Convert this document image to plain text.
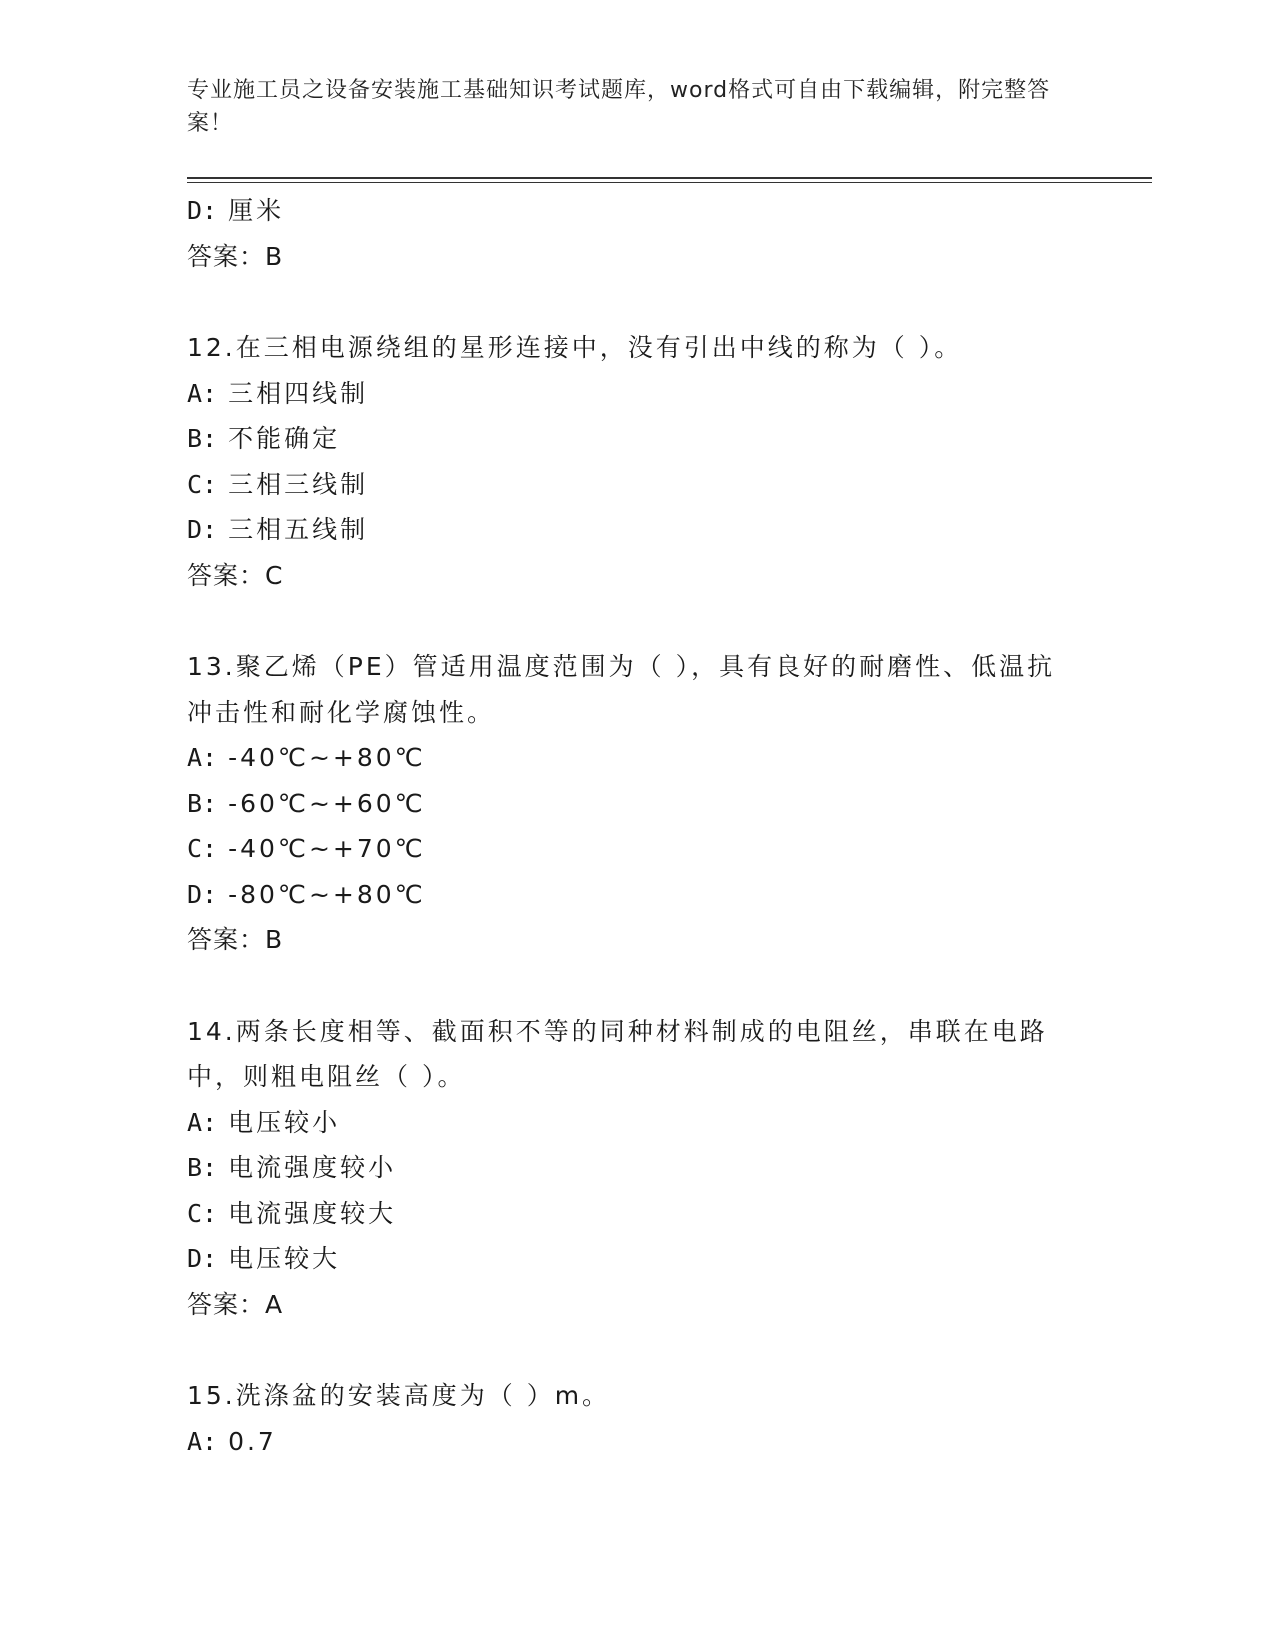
专业施工员之设备安装施工基础知识考试题库，word格式可自由下载编辑，附完整答案！
D: 厘米
答案：B
12.在三相电源绕组的星形连接中，没有引出中线的称为（ ）。
A: 三相四线制
B: 不能确定
C: 三相三线制
D: 三相五线制
答案：C
13.聚乙烯（PE）管适用温度范围为（ ），具有良好的耐磨性、低温抗冲击性和耐化学腐蚀性。
A: -40℃~+80℃
B: -60℃~+60℃
C: -40℃~+70℃
D: -80℃~+80℃
答案：B
14.两条长度相等、截面积不等的同种材料制成的电阻丝，串联在电路中，则粗电阻丝（ ）。
A: 电压较小
B: 电流强度较小
C: 电流强度较大
D: 电压较大
答案：A
15.洗涤盆的安装高度为（ ）m。
A: 0.7
